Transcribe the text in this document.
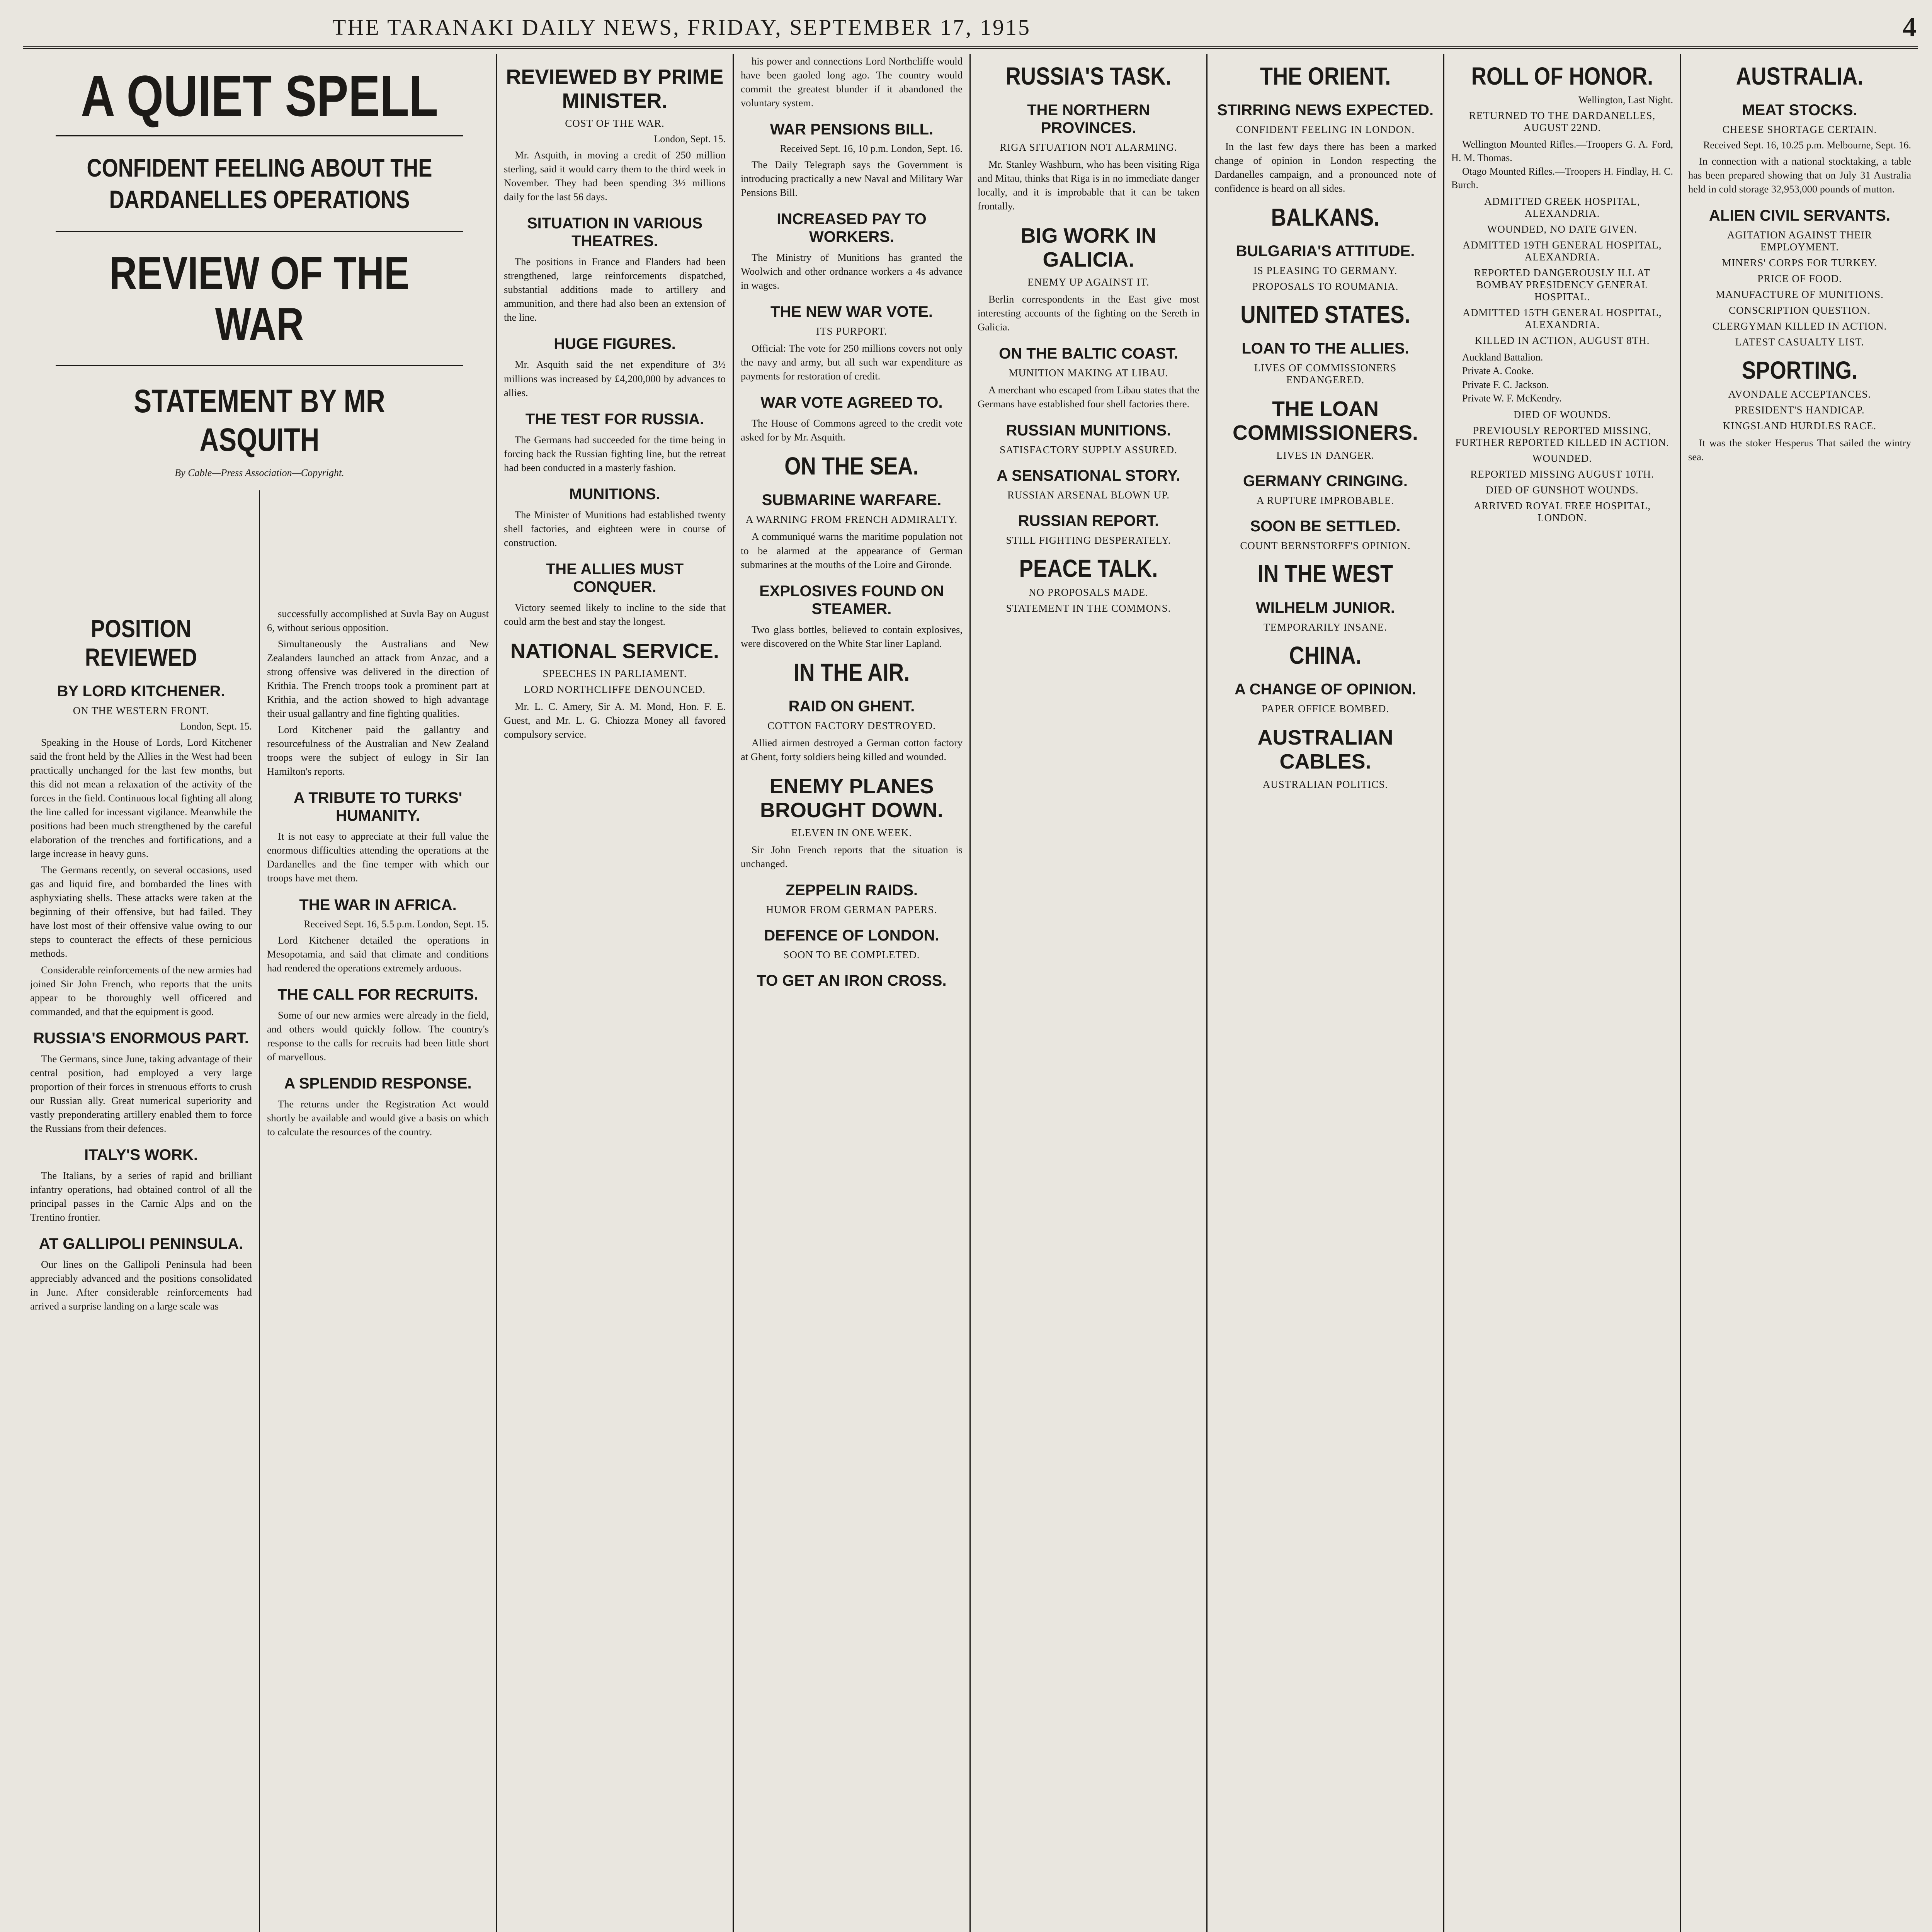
THE TARANAKI DAILY NEWS, FRIDAY, SEPTEMBER 17, 1915	4
A QUIET SPELL
CONFIDENT FEELING ABOUT THE DARDANELLES OPERATIONS
REVIEW OF THE WAR
STATEMENT BY MR ASQUITH
By Cable—Press Association—Copyright.
POSITION REVIEWED
BY LORD KITCHENER.
ON THE WESTERN FRONT.
London, Sept. 15.

Speaking in the House of Lords, Lord Kitchener said the front held by the Allies in the West had been practically unchanged for the last few months, but this did not mean a relaxation of the activity of the forces in the field. Continuous local fighting all along the line called for incessant vigilance. Meanwhile the positions had been much strengthened by the careful elaboration of the trenches and fortifications, and a large increase in heavy guns.

The Germans recently, on several occasions, used gas and liquid fire, and bombarded the lines with asphyxiating shells. These attacks were taken at the beginning of their offensive, but had failed. They have lost most of their offensive value owing to our steps to counteract the effects of these pernicious methods.

Considerable reinforcements of the new armies had joined Sir John French, who reports that the units appear to be thoroughly well officered and commanded, and that the equipment is good.

RUSSIA'S ENORMOUS PART.

The Germans, since June, taking advantage of their central position, had employed a very large proportion of their forces in strenuous efforts to crush our Russian ally. Great numerical superiority and vastly preponderating artillery enabled them to force the Russians from their defences.

ITALY'S WORK.

The Italians, by a series of rapid and brilliant infantry operations, had obtained control of all the principal passes in the Carnic Alps and on the Trentino frontier.

AT GALLIPOLI PENINSULA.

Our lines on the Gallipoli Peninsula had been appreciably advanced and the positions consolidated in June. After considerable reinforcements had arrived a surprise landing on a large scale was

successfully accomplished at Suvla Bay on August 6, without serious opposition.

Simultaneously the Australians and New Zealanders launched an attack from Anzac, and a strong offensive was delivered in the direction of Krithia. The French troops took a prominent part at Krithia, and the action showed to high advantage their usual gallantry and fine fighting qualities.

Lord Kitchener paid the gallantry and resourcefulness of the Australian and New Zealand troops were the subject of eulogy in Sir Ian Hamilton's reports.

A TRIBUTE TO TURKS' HUMANITY.

It is not easy to appreciate at their full value the enormous difficulties attending the operations at the Dardanelles and the fine temper with which our troops have met them.

THE WAR IN AFRICA.
Received Sept. 16, 5.5 p.m. London, Sept. 15.

Lord Kitchener detailed the operations in Mesopotamia, and said that climate and conditions had rendered the operations extremely arduous.

THE CALL FOR RECRUITS.

Some of our new armies were already in the field, and others would quickly follow. The country's response to the calls for recruits had been little short of marvellous.

A SPLENDID RESPONSE.

The returns under the Registration Act would shortly be available and would give a basis on which to calculate the resources of the country.

REVIEWED BY PRIME MINISTER.
COST OF THE WAR.
London, Sept. 15.

Mr. Asquith, in moving a credit of 250 million sterling, said it would carry them to the third week in November. They had been spending 3½ millions daily for the last 56 days.

SITUATION IN VARIOUS THEATRES.

The positions in France and Flanders had been strengthened, large reinforcements dispatched, substantial additions made to artillery and ammunition, and there had also been an extension of the line.

HUGE FIGURES.

Mr. Asquith said the net expenditure of 3½ millions was increased by £4,200,000 by advances to allies.

THE TEST FOR RUSSIA.

The Germans had succeeded for the time being in forcing back the Russian fighting line, but the retreat had been conducted in a masterly fashion.

MUNITIONS.

The Minister of Munitions had established twenty shell factories, and eighteen were in course of construction.

THE ALLIES MUST CONQUER.

Victory seemed likely to incline to the side that could arm the best and stay the longest.

NATIONAL SERVICE.
SPEECHES IN PARLIAMENT.
LORD NORTHCLIFFE DENOUNCED.

Mr. L. C. Amery, Sir A. M. Mond, Hon. F. E. Guest, and Mr. L. G. Chiozza Money all favored compulsory service.

his power and connections Lord Northcliffe would have been gaoled long ago. The country would commit the greatest blunder if it abandoned the voluntary system.

WAR PENSIONS BILL.
Received Sept. 16, 10 p.m. London, Sept. 16.

The Daily Telegraph says the Government is introducing practically a new Naval and Military War Pensions Bill.

INCREASED PAY TO WORKERS.

The Ministry of Munitions has granted the Woolwich and other ordnance workers a 4s advance in wages.

THE NEW WAR VOTE.
ITS PURPORT.

Official: The vote for 250 millions covers not only the navy and army, but all such war expenditure as payments for restoration of credit.

WAR VOTE AGREED TO.

The House of Commons agreed to the credit vote asked for by Mr. Asquith.

ON THE SEA.
SUBMARINE WARFARE.
A WARNING FROM FRENCH ADMIRALTY.

A communiqué warns the maritime population not to be alarmed at the appearance of German submarines at the mouths of the Loire and Gironde.

EXPLOSIVES FOUND ON STEAMER.

Two glass bottles, believed to contain explosives, were discovered on the White Star liner Lapland.

IN THE AIR.
RAID ON GHENT.
COTTON FACTORY DESTROYED.

Allied airmen destroyed a German cotton factory at Ghent, forty soldiers being killed and wounded.

ENEMY PLANES BROUGHT DOWN.
ELEVEN IN ONE WEEK.

Sir John French reports that the situation is unchanged.

ZEPPELIN RAIDS.
HUMOR FROM GERMAN PAPERS.
DEFENCE OF LONDON.
SOON TO BE COMPLETED.
TO GET AN IRON CROSS.
RUSSIA'S TASK.
THE NORTHERN PROVINCES.
RIGA SITUATION NOT ALARMING.

Mr. Stanley Washburn, who has been visiting Riga and Mitau, thinks that Riga is in no immediate danger locally, and it is improbable that it can be taken frontally.

BIG WORK IN GALICIA.
ENEMY UP AGAINST IT.

Berlin correspondents in the East give most interesting accounts of the fighting on the Sereth in Galicia.

ON THE BALTIC COAST.
MUNITION MAKING AT LIBAU.

A merchant who escaped from Libau states that the Germans have established four shell factories there.

RUSSIAN MUNITIONS.
SATISFACTORY SUPPLY ASSURED.
A SENSATIONAL STORY.
RUSSIAN ARSENAL BLOWN UP.
RUSSIAN REPORT.
STILL FIGHTING DESPERATELY.
PEACE TALK.
NO PROPOSALS MADE.
STATEMENT IN THE COMMONS.
THE ORIENT.
STIRRING NEWS EXPECTED.
CONFIDENT FEELING IN LONDON.

In the last few days there has been a marked change of opinion in London respecting the Dardanelles campaign, and a pronounced note of confidence is heard on all sides.

BALKANS.
BULGARIA'S ATTITUDE.
IS PLEASING TO GERMANY.
PROPOSALS TO ROUMANIA.
UNITED STATES.
LOAN TO THE ALLIES.
LIVES OF COMMISSIONERS ENDANGERED.
THE LOAN COMMISSIONERS.
LIVES IN DANGER.
GERMANY CRINGING.
A RUPTURE IMPROBABLE.
SOON BE SETTLED.
COUNT BERNSTORFF'S OPINION.
IN THE WEST
WILHELM JUNIOR.
TEMPORARILY INSANE.
CHINA.
A CHANGE OF OPINION.
PAPER OFFICE BOMBED.
AUSTRALIAN CABLES.
AUSTRALIAN POLITICS.
ROLL OF HONOR.
Wellington, Last Night.
RETURNED TO THE DARDANELLES, AUGUST 22ND.

Wellington Mounted Rifles.—Troopers G. A. Ford, H. M. Thomas.

Otago Mounted Rifles.—Troopers H. Findlay, H. C. Burch.

ADMITTED GREEK HOSPITAL, ALEXANDRIA.
WOUNDED, NO DATE GIVEN.
ADMITTED 19TH GENERAL HOSPITAL, ALEXANDRIA.
REPORTED DANGEROUSLY ILL AT BOMBAY PRESIDENCY GENERAL HOSPITAL.
ADMITTED 15TH GENERAL HOSPITAL, ALEXANDRIA.
KILLED IN ACTION, AUGUST 8TH.

Auckland Battalion.

Private A. Cooke.

Private F. C. Jackson.

Private W. F. McKendry.

DIED OF WOUNDS.
PREVIOUSLY REPORTED MISSING, FURTHER REPORTED KILLED IN ACTION.
WOUNDED.
REPORTED MISSING AUGUST 10TH.
DIED OF GUNSHOT WOUNDS.
ARRIVED ROYAL FREE HOSPITAL, LONDON.
AUSTRALIA.
MEAT STOCKS.
CHEESE SHORTAGE CERTAIN.
Received Sept. 16, 10.25 p.m. Melbourne, Sept. 16.

In connection with a national stocktaking, a table has been prepared showing that on July 31 Australia held in cold storage 32,953,000 pounds of mutton.

ALIEN CIVIL SERVANTS.
AGITATION AGAINST THEIR EMPLOYMENT.
MINERS' CORPS FOR TURKEY.
PRICE OF FOOD.
MANUFACTURE OF MUNITIONS.
CONSCRIPTION QUESTION.
CLERGYMAN KILLED IN ACTION.
LATEST CASUALTY LIST.
SPORTING.
AVONDALE ACCEPTANCES.
PRESIDENT'S HANDICAP.
KINGSLAND HURDLES RACE.

It was the stoker Hesperus That sailed the wintry sea.
